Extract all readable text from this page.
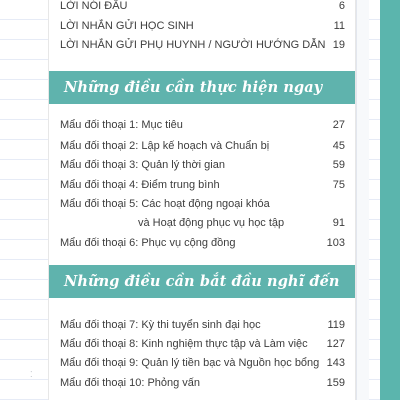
LỜI NÓI ĐẦU	6
LỜI NHẮN GỬI HỌC SINH	11
LỜI NHẮN GỬI PHỤ HUYNH / NGƯỜI HƯỚNG DẪN 19
Những điều cần thực hiện ngay
Mẩu đối thoại 1: Mục tiêu	27
Mẩu đối thoại 2: Lập kế hoạch và Chuẩn bị	45
Mẩu đối thoại 3: Quản lý thời gian	59
Mẩu đối thoại 4: Điểm trung bình	75
Mẩu đối thoại 5: Các hoạt động ngoại khóa
và Hoạt động phục vụ học tập	91
Mẩu đối thoại 6: Phục vụ cộng đồng	103
Những điều cần bắt đầu nghĩ đến
Mẩu đối thoại 7: Kỳ thi tuyển sinh đại học	119
Mẩu đối thoại 8: Kinh nghiệm thực tập và Làm việc 127
Mẩu đối thoại 9: Quản lý tiền bạc và Nguồn học bổng 143
Mẩu đối thoại 10: Phỏng vấn	159
⁚
